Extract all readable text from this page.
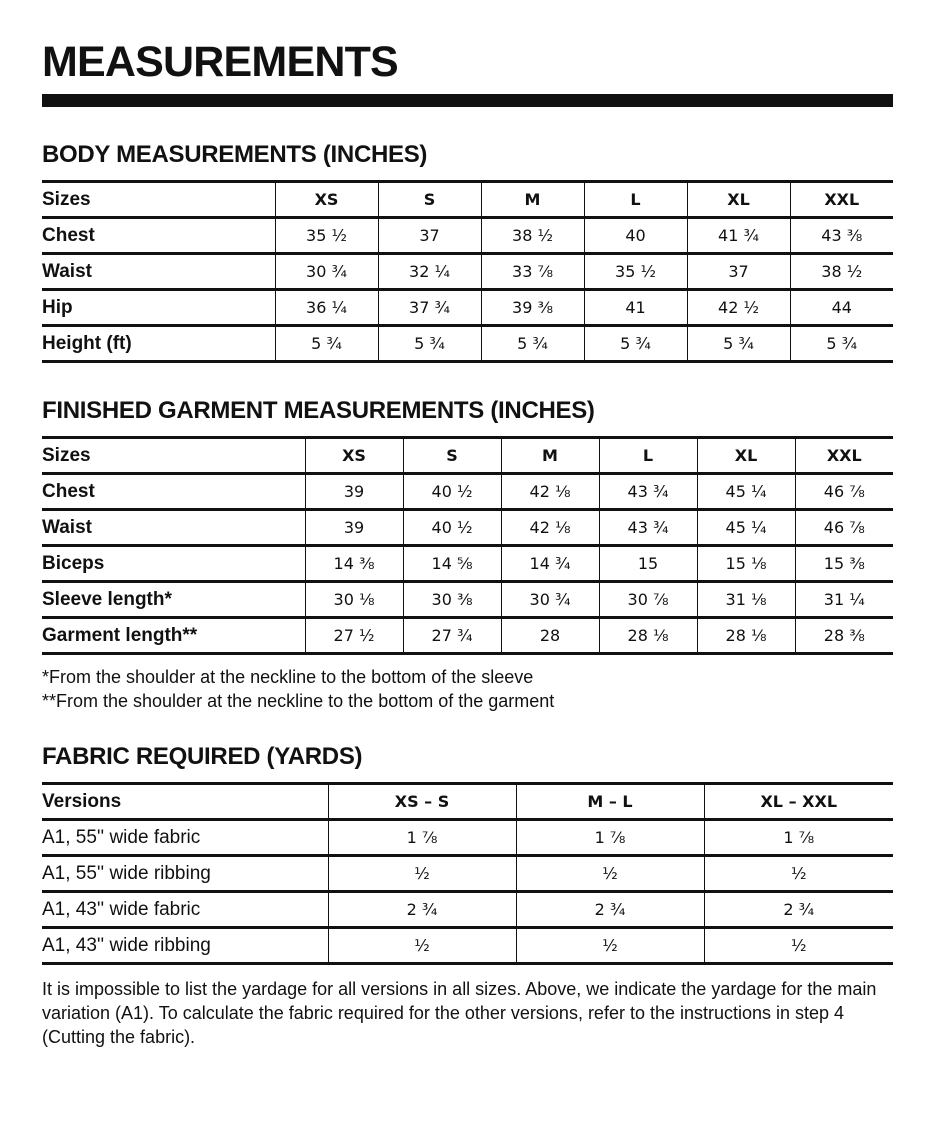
MEASUREMENTS
BODY MEASUREMENTS (INCHES)
Sizes	XS	S	M	L	XL	XXL
Chest	35 ½	37	38 ½	40	41 ¾	43 ⅜
Waist	30 ¾	32 ¼	33 ⅞	35 ½	37	38 ½
Hip	36 ¼	37 ¾	39 ⅜	41	42 ½	44
Height (ft)	5 ¾	5 ¾	5 ¾	5 ¾	5 ¾	5 ¾
FINISHED GARMENT MEASUREMENTS (INCHES)
Sizes	XS	S	M	L	XL	XXL
Chest	39	40 ½	42 ⅛	43 ¾	45 ¼	46 ⅞
Waist	39	40 ½	42 ⅛	43 ¾	45 ¼	46 ⅞
Biceps	14 ⅜	14 ⅝	14 ¾	15	15 ⅛	15 ⅜
Sleeve length*	30 ⅛	30 ⅜	30 ¾	30 ⅞	31 ⅛	31 ¼
Garment length**	27 ½	27 ¾	28	28 ⅛	28 ⅛	28 ⅜
*From the shoulder at the neckline to the bottom of the sleeve
**From the shoulder at the neckline to the bottom of the garment
FABRIC REQUIRED (YARDS)
Versions	XS – S	M – L	XL – XXL
A1, 55'' wide fabric	1 ⅞	1 ⅞	1 ⅞
A1, 55'' wide ribbing	½	½	½
A1, 43'' wide fabric	2 ¾	2 ¾	2 ¾
A1, 43'' wide ribbing	½	½	½

It is impossible to list the yardage for all versions in all sizes. Above, we indicate the yardage for the main variation (A1). To calculate the fabric required for the other versions, refer to the instructions in step 4 (Cutting the fabric).
